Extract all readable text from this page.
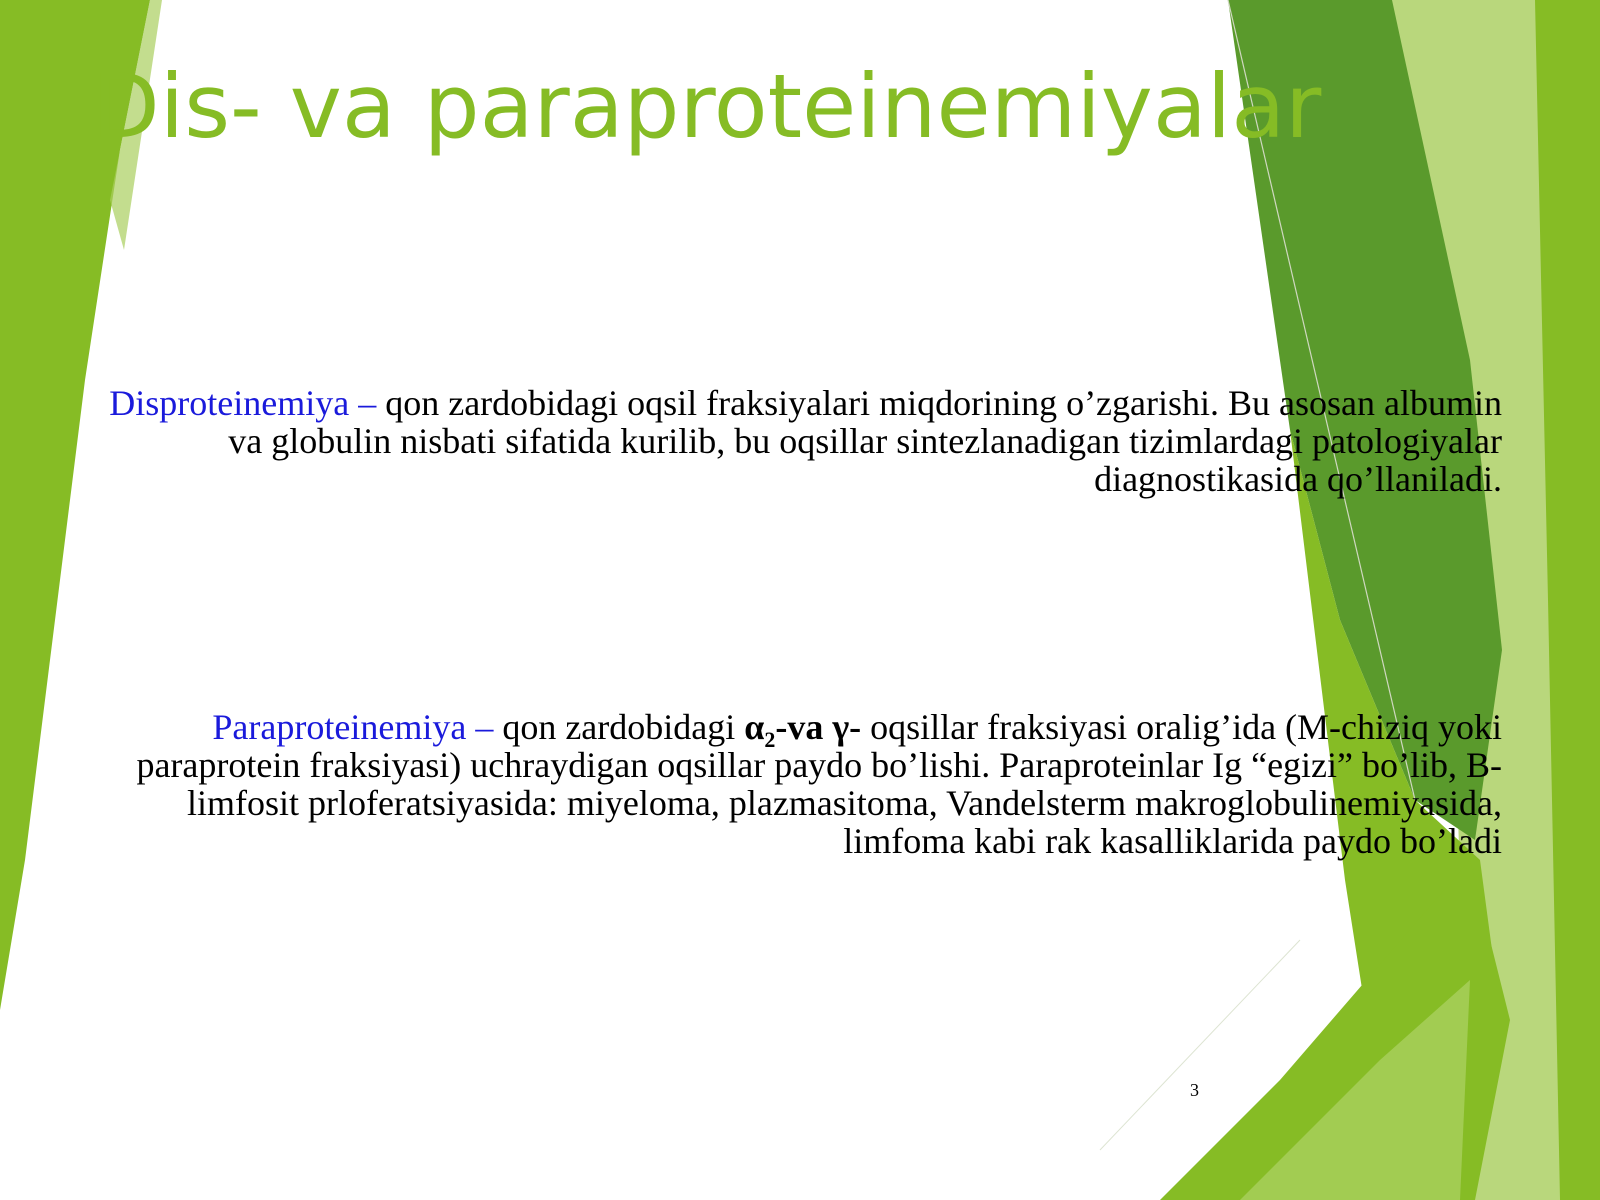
Dis- va paraproteinemiyalar

Disproteinemiya – qon zardobidagi oqsil fraksiyalari miqdorining o’zgarishi. Bu asosan albumin va globulin nisbati sifatida kurilib, bu oqsillar sintezlanadigan tizimlardagi patologiyalar diagnostikasida qo’llaniladi.

Paraproteinemiya – qon zardobidagi $\alpha_2-va$ γ- oqsillar fraksiyasi oralig’ida (M-chiziq yoki paraprotein fraksiyasi) uchraydigan oqsillar paydo bo’lishi. Paraproteinlar Ig “egizi” bo’lib, B-limfosit prloferatsiyasida: miyeloma, plazmasitoma, Vandelsterm makroglobulinemiyasida, limfoma kabi rak kasalliklarida paydo bo’ladi

3
